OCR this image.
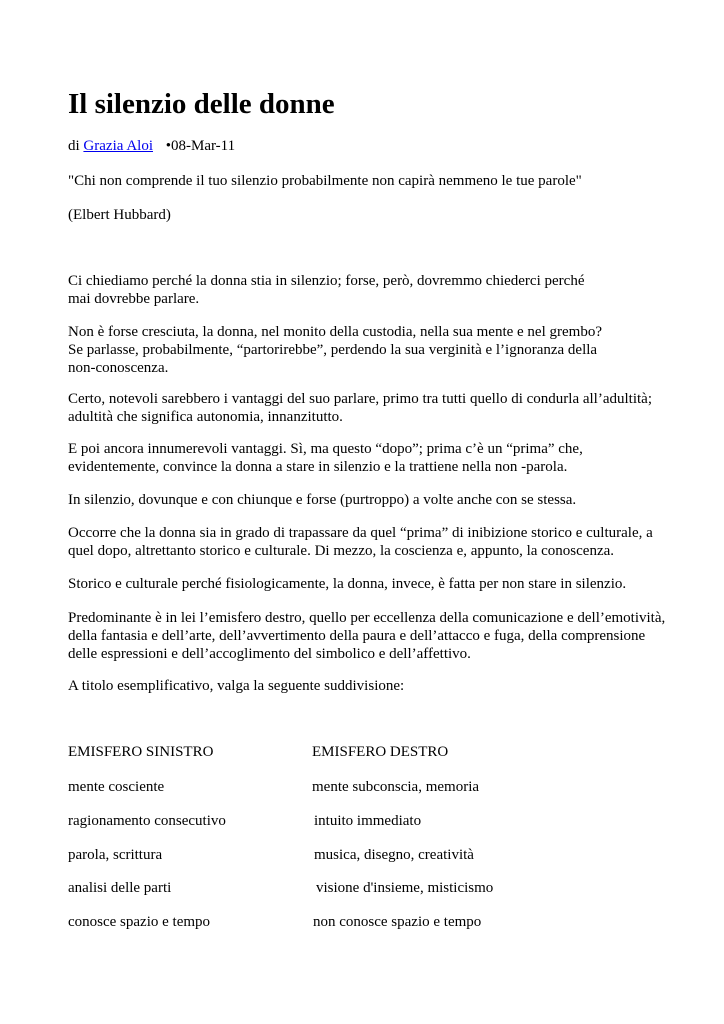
Il silenzio delle donne
di Grazia Aloi •08-Mar-11
"Chi non comprende il tuo silenzio probabilmente non capirà nemmeno le tue parole"
(Elbert Hubbard)
Ci chiediamo perché la donna stia in silenzio; forse, però, dovremmo chiederci perché mai dovrebbe parlare.
Non è forse cresciuta, la donna, nel monito della custodia, nella sua mente e nel grembo? Se parlasse, probabilmente, “partorirebbe”, perdendo la sua verginità e l’ignoranza della non-conoscenza.
Certo, notevoli sarebbero i vantaggi del suo parlare, primo tra tutti quello di condurla all’adultità; adultità che significa autonomia, innanzitutto.
E poi ancora innumerevoli vantaggi. Sì, ma questo “dopo”; prima c’è un “prima” che, evidentemente, convince la donna a stare in silenzio e la trattiene nella non -parola.
In silenzio, dovunque e con chiunque e forse (purtroppo) a volte anche con se stessa.
Occorre che la donna sia in grado di trapassare da quel “prima” di inibizione storico e culturale, a quel dopo, altrettanto storico e culturale. Di mezzo, la coscienza e, appunto, la conoscenza.
Storico e culturale perché fisiologicamente, la donna, invece, è fatta per non stare in silenzio.
Predominante è in lei l’emisfero destro, quello per eccellenza della comunicazione e dell’emotività, della fantasia e dell’arte, dell’avvertimento della paura e dell’attacco e fuga, della comprensione delle espressioni e dell’accoglimento del simbolico e dell’affettivo.
A titolo esemplificativo, valga la seguente suddivisione:
EMISFERO SINISTRO	EMISFERO DESTRO
mente cosciente	mente subconscia, memoria
ragionamento consecutivo	intuito immediato
parola, scrittura	musica, disegno, creatività
analisi delle parti	visione d'insieme, misticismo
conosce spazio e tempo	non conosce spazio e tempo
